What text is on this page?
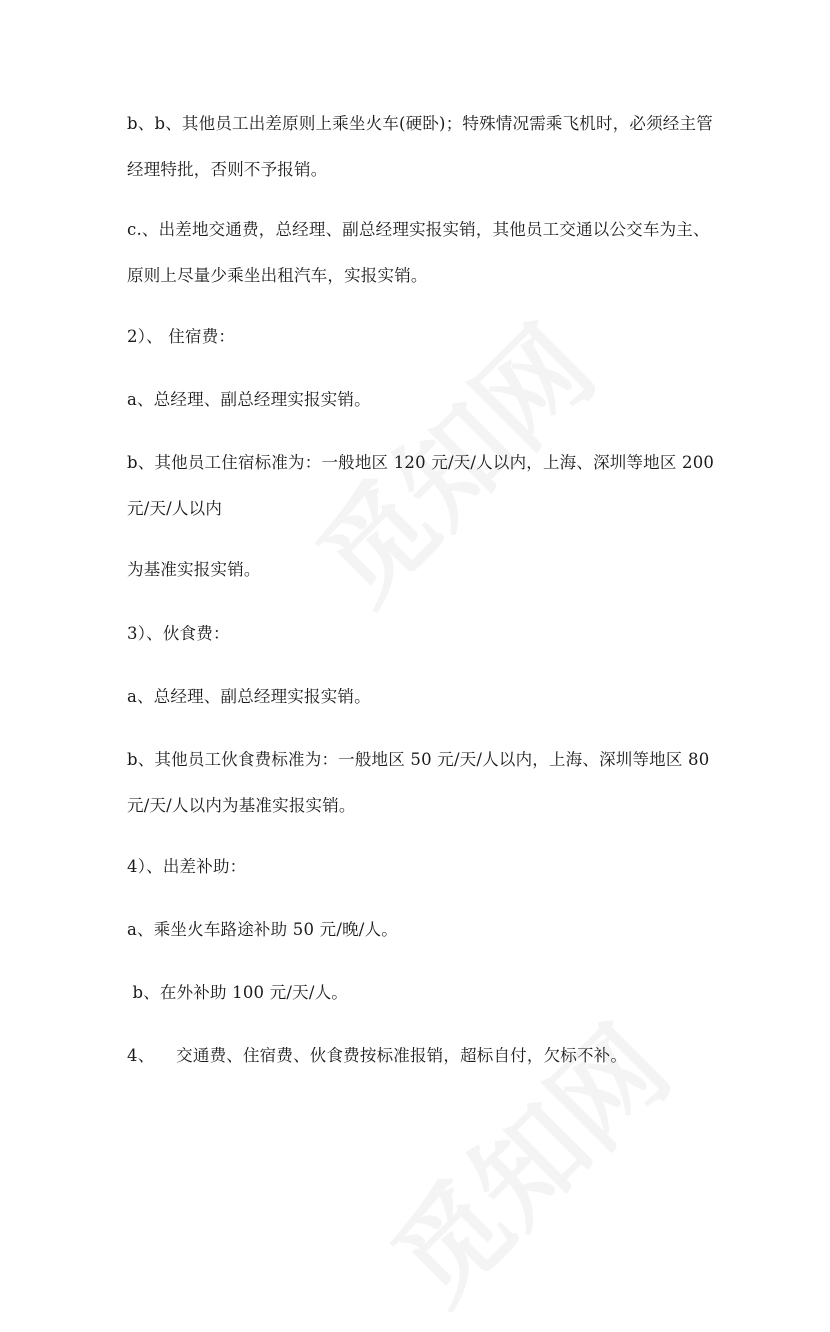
b、b、其他员工出差原则上乘坐火车(硬卧)；特殊情况需乘飞机时，必须经主管
经理特批，否则不予报销。
c.、出差地交通费，总经理、副总经理实报实销，其他员工交通以公交车为主、
原则上尽量少乘坐出租汽车，实报实销。
2）、 住宿费：
a、总经理、副总经理实报实销。
b、其他员工住宿标准为：一般地区 120 元/天/人以内，上海、深圳等地区 200
元/天/人以内
为基准实报实销。
3）、伙食费：
a、总经理、副总经理实报实销。
b、其他员工伙食费标准为：一般地区 50 元/天/人以内，上海、深圳等地区 80
元/天/人以内为基准实报实销。
4）、出差补助：
a、乘坐火车路途补助 50 元/晚/人。
b、在外补助 100 元/天/人。
4、    交通费、住宿费、伙食费按标准报销，超标自付，欠标不补。
